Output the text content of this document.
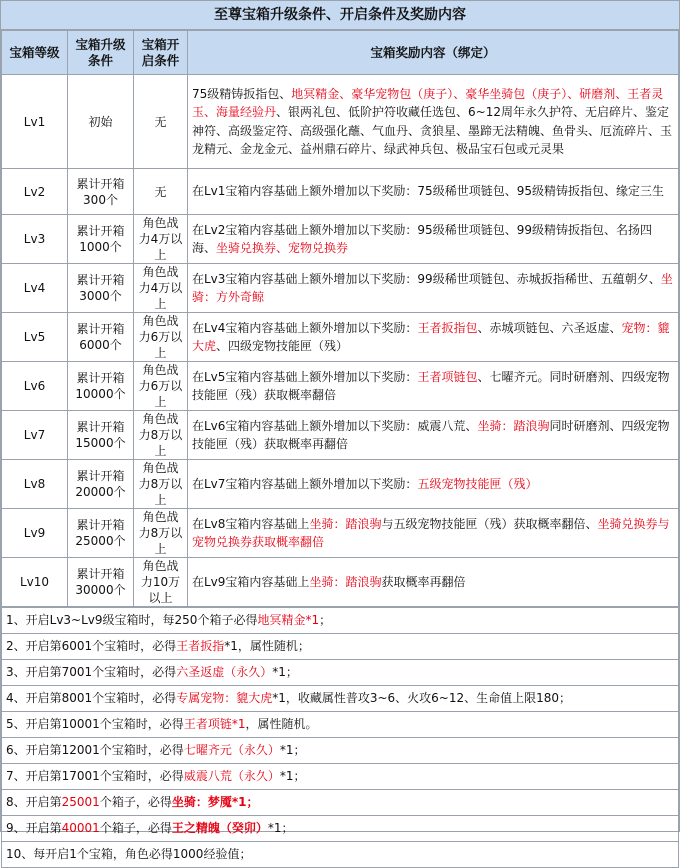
至尊宝箱升级条件、开启条件及奖励内容
宝箱等级	宝箱升级条件	宝箱开启条件	宝箱奖励内容（绑定）
Lv1	初始	无	75级精铸扳指包、地冥精金、豪华宠物包（庚子）、豪华坐骑包（庚子）、研磨剂、王者灵玉、海量经验丹、银两礼包、低阶护符收藏任选包、6~12周年永久护符、无启碎片、鉴定神符、高级鉴定符、高级强化蘸、气血丹、贪狼星、墨蹄无法精魄、鱼骨头、厄流碎片、玉龙精元、金龙金元、益州鼎石碎片、绿武神兵包、极品宝石包或元灵果
Lv2	累计开箱300个	无	在Lv1宝箱内容基础上额外增加以下奖励：75级稀世项链包、95级精铸扳指包、缘定三生
Lv3	累计开箱1000个	角色战力4万以上	在Lv2宝箱内容基础上额外增加以下奖励：95级稀世项链包、99级精铸扳指包、名扬四海、坐骑兑换券、宠物兑换券
Lv4	累计开箱3000个	角色战力4万以上	在Lv3宝箱内容基础上额外增加以下奖励：99级稀世项链包、赤城扳指稀世、五蕴朝夕、坐骑：方外奇鲸
Lv5	累计开箱6000个	角色战力6万以上	在Lv4宝箱内容基础上额外增加以下奖励：王者扳指包、赤城项链包、六圣返虚、宠物：貔大虎、四级宠物技能匣（残）
Lv6	累计开箱10000个	角色战力6万以上	在Lv5宝箱内容基础上额外增加以下奖励：王者项链包、七曜齐元。同时研磨剂、四级宠物技能匣（残）获取概率翻倍
Lv7	累计开箱15000个	角色战力8万以上	在Lv6宝箱内容基础上额外增加以下奖励：威震八荒、坐骑：踏浪驹同时研磨剂、四级宠物技能匣（残）获取概率再翻倍
Lv8	累计开箱20000个	角色战力8万以上	在Lv7宝箱内容基础上额外增加以下奖励：五级宠物技能匣（残）
Lv9	累计开箱25000个	角色战力8万以上	在Lv8宝箱内容基础上坐骑：踏浪驹与五级宠物技能匣（残）获取概率翻倍、坐骑兑换券与宠物兑换券获取概率翻倍
Lv10	累计开箱30000个	角色战力10万以上	在Lv9宝箱内容基础上坐骑：踏浪驹获取概率再翻倍
1、开启Lv3~Lv9级宝箱时，每250个箱子必得地冥精金*1；
2、开启第6001个宝箱时，必得王者扳指*1，属性随机；
3、开启第7001个宝箱时，必得六圣返虚（永久）*1；
4、开启第8001个宝箱时，必得专属宠物：貔大虎*1，收藏属性普攻3~6、火攻6~12、生命值上限180；
5、开启第10001个宝箱时，必得王者项链*1，属性随机。
6、开启第12001个宝箱时，必得七曜齐元（永久）*1；
7、开启第17001个宝箱时，必得威震八荒（永久）*1；
8、开启第25001个箱子，必得坐骑：梦魇*1；
9、开启第40001个箱子，必得王之精魄（癸卯）*1；
10、每开启1个宝箱，角色必得1000经验值；
